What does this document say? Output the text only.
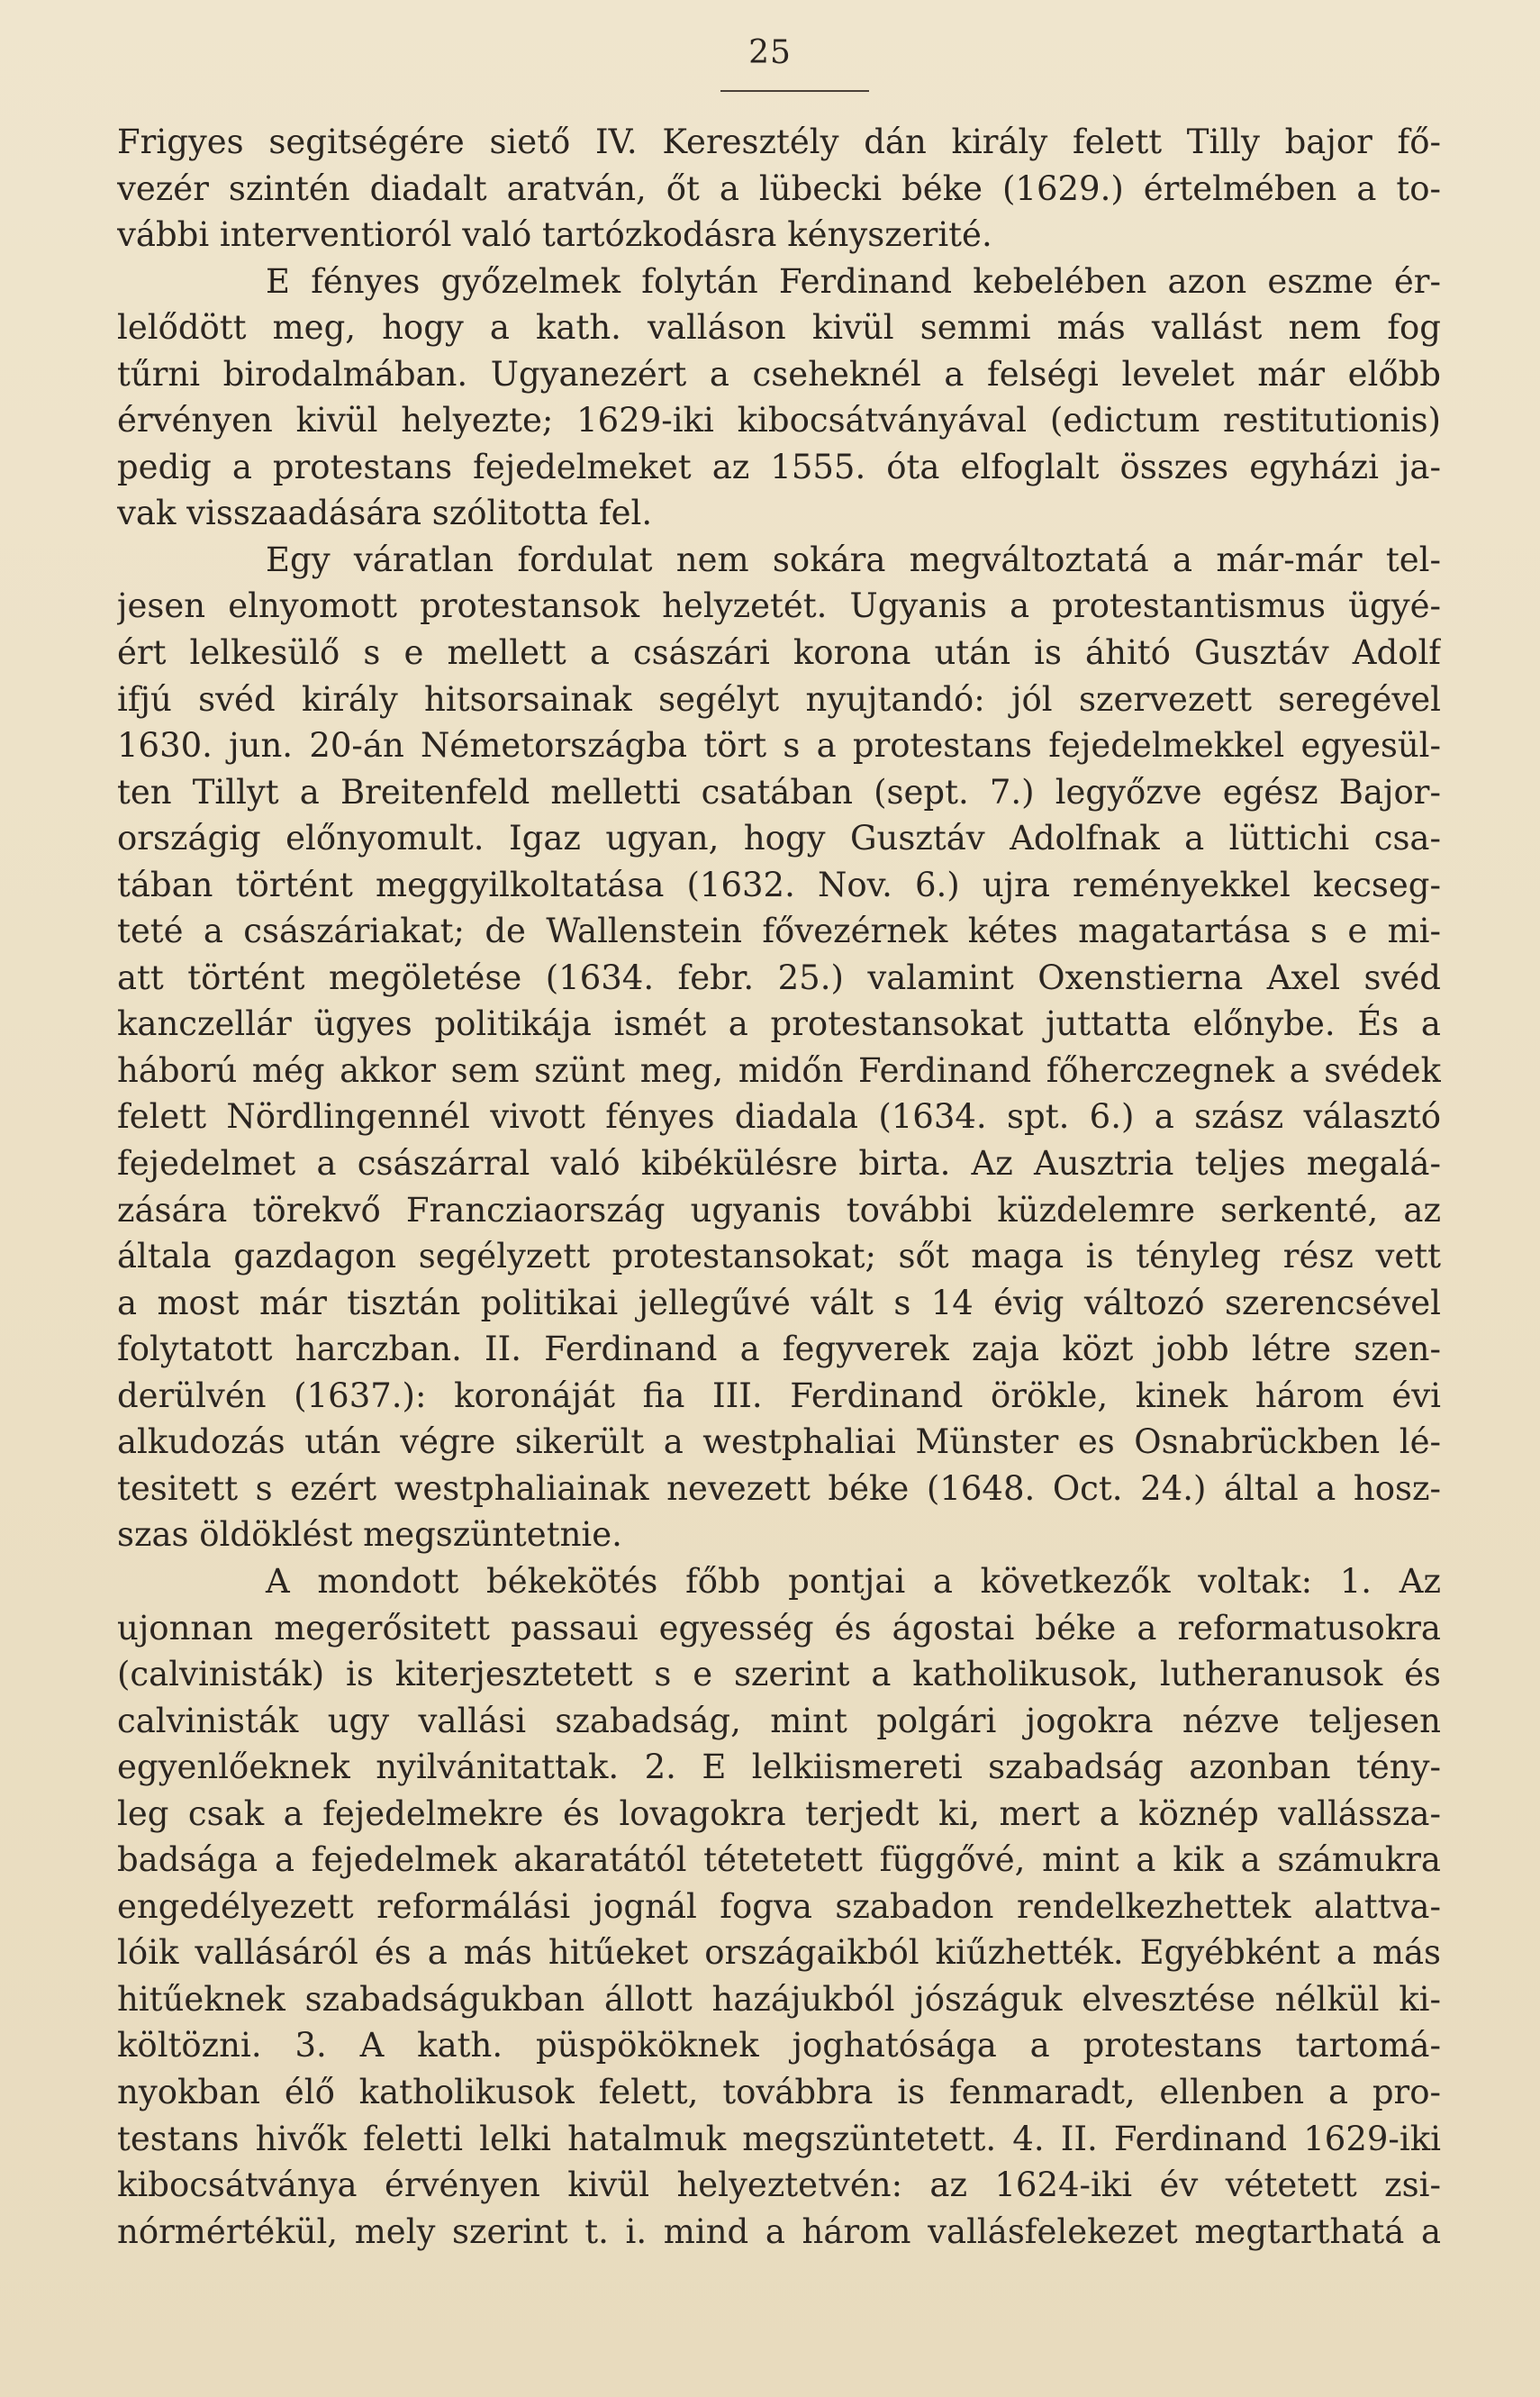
25
Frigyes segitségére siető IV. Keresztély dán király felett Tilly bajor fő-
vezér szintén diadalt aratván, őt a lübecki béke (1629.) értelmében a to-
vábbi interventioról való tartózkodásra kényszerité.
E fényes győzelmek folytán Ferdinand kebelében azon eszme ér-
lelődött meg, hogy a kath. valláson kivül semmi más vallást nem fog
tűrni birodalmában. Ugyanezért a cseheknél a felségi levelet már előbb
érvényen kivül helyezte; 1629-iki kibocsátványával (edictum restitutionis)
pedig a protestans fejedelmeket az 1555. óta elfoglalt összes egyházi ja-
vak visszaadására szólitotta fel.
Egy váratlan fordulat nem sokára megváltoztatá a már-már tel-
jesen elnyomott protestansok helyzetét. Ugyanis a protestantismus ügyé-
ért lelkesülő s e mellett a császári korona után is áhitó Gusztáv Adolf
ifjú svéd király hitsorsainak segélyt nyujtandó: jól szervezett seregével
1630. jun. 20-án Németországba tört s a protestans fejedelmekkel egyesül-
ten Tillyt a Breitenfeld melletti csatában (sept. 7.) legyőzve egész Bajor-
országig előnyomult. Igaz ugyan, hogy Gusztáv Adolfnak a lüttichi csa-
tában történt meggyilkoltatása (1632. Nov. 6.) ujra reményekkel kecseg-
teté a császáriakat; de Wallenstein fővezérnek kétes magatartása s e mi-
att történt megöletése (1634. febr. 25.) valamint Oxenstierna Axel svéd
kanczellár ügyes politikája ismét a protestansokat juttatta előnybe. És a
háború még akkor sem szünt meg, midőn Ferdinand főherczegnek a svédek
felett Nördlingennél vivott fényes diadala (1634. spt. 6.) a szász választó
fejedelmet a császárral való kibékülésre birta. Az Ausztria teljes megalá-
zására törekvő Francziaország ugyanis további küzdelemre serkenté, az
általa gazdagon segélyzett protestansokat; sőt maga is tényleg rész vett
a most már tisztán politikai jellegűvé vált s 14 évig változó szerencsével
folytatott harczban. II. Ferdinand a fegyverek zaja közt jobb létre szen-
derülvén (1637.): koronáját fia III. Ferdinand örökle, kinek három évi
alkudozás után végre sikerült a westphaliai Münster es Osnabrückben lé-
tesitett s ezért westphaliainak nevezett béke (1648. Oct. 24.) által a hosz-
szas öldöklést megszüntetnie.
A mondott békekötés főbb pontjai a következők voltak: 1. Az
ujonnan megerősitett passaui egyesség és ágostai béke a reformatusokra
(calvinisták) is kiterjesztetett s e szerint a katholikusok, lutheranusok és
calvinisták ugy vallási szabadság, mint polgári jogokra nézve teljesen
egyenlőeknek nyilvánitattak. 2. E lelkiismereti szabadság azonban tény-
leg csak a fejedelmekre és lovagokra terjedt ki, mert a köznép vallássza-
badsága a fejedelmek akaratától tétetetett függővé, mint a kik a számukra
engedélyezett reformálási jognál fogva szabadon rendelkezhettek alattva-
lóik vallásáról és a más hitűeket országaikból kiűzhették. Egyébként a más
hitűeknek szabadságukban állott hazájukból jószáguk elvesztése nélkül ki-
költözni. 3. A kath. püspököknek joghatósága a protestans tartomá-
nyokban élő katholikusok felett, továbbra is fenmaradt, ellenben a pro-
testans hivők feletti lelki hatalmuk megszüntetett. 4. II. Ferdinand 1629-iki
kibocsátványa érvényen kivül helyeztetvén: az 1624-iki év vétetett zsi-
nórmértékül, mely szerint t. i. mind a három vallásfelekezet megtarthatá a
